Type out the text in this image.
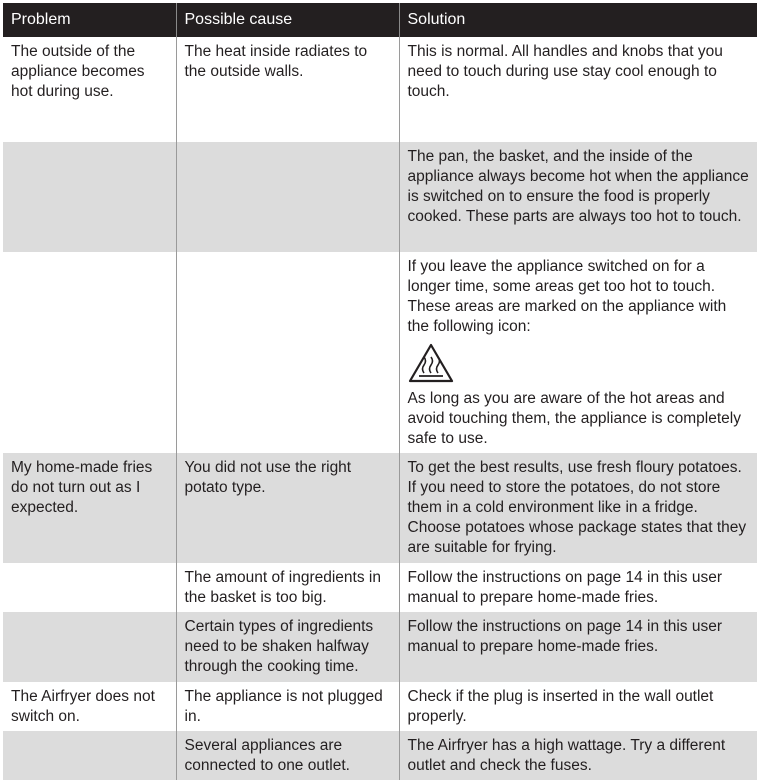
Problem	Possible cause	Solution
The outside of the appliance becomes hot during use.	The heat inside radiates to the outside walls.	This is normal. All handles and knobs that you need to touch during use stay cool enough to touch.
		The pan, the basket, and the inside of the appliance always become hot when the appliance is switched on to ensure the food is properly cooked. These parts are always too hot to touch.

		If you leave the appliance switched on for a longer time, some areas get too hot to touch. These areas are marked on the appliance with the following icon:
As long as you are aware of the hot areas and avoid touching them, the appliance is completely safe to use.

My home-made fries do not turn out as I expected.	You did not use the right potato type.	To get the best results, use fresh floury potatoes. If you need to store the potatoes, do not store them in a cold environment like in a fridge. Choose potatoes whose package states that they are suitable for frying.
	The amount of ingredients in the basket is too big.	Follow the instructions on page 14 in this user manual to prepare home-made fries.
	Certain types of ingredients need to be shaken halfway through the cooking time.	Follow the instructions on page 14 in this user manual to prepare home-made fries.
The Airfryer does not switch on.	The appliance is not plugged in.	Check if the plug is inserted in the wall outlet properly.
	Several appliances are connected to one outlet.	The Airfryer has a high wattage. Try a different outlet and check the fuses.
